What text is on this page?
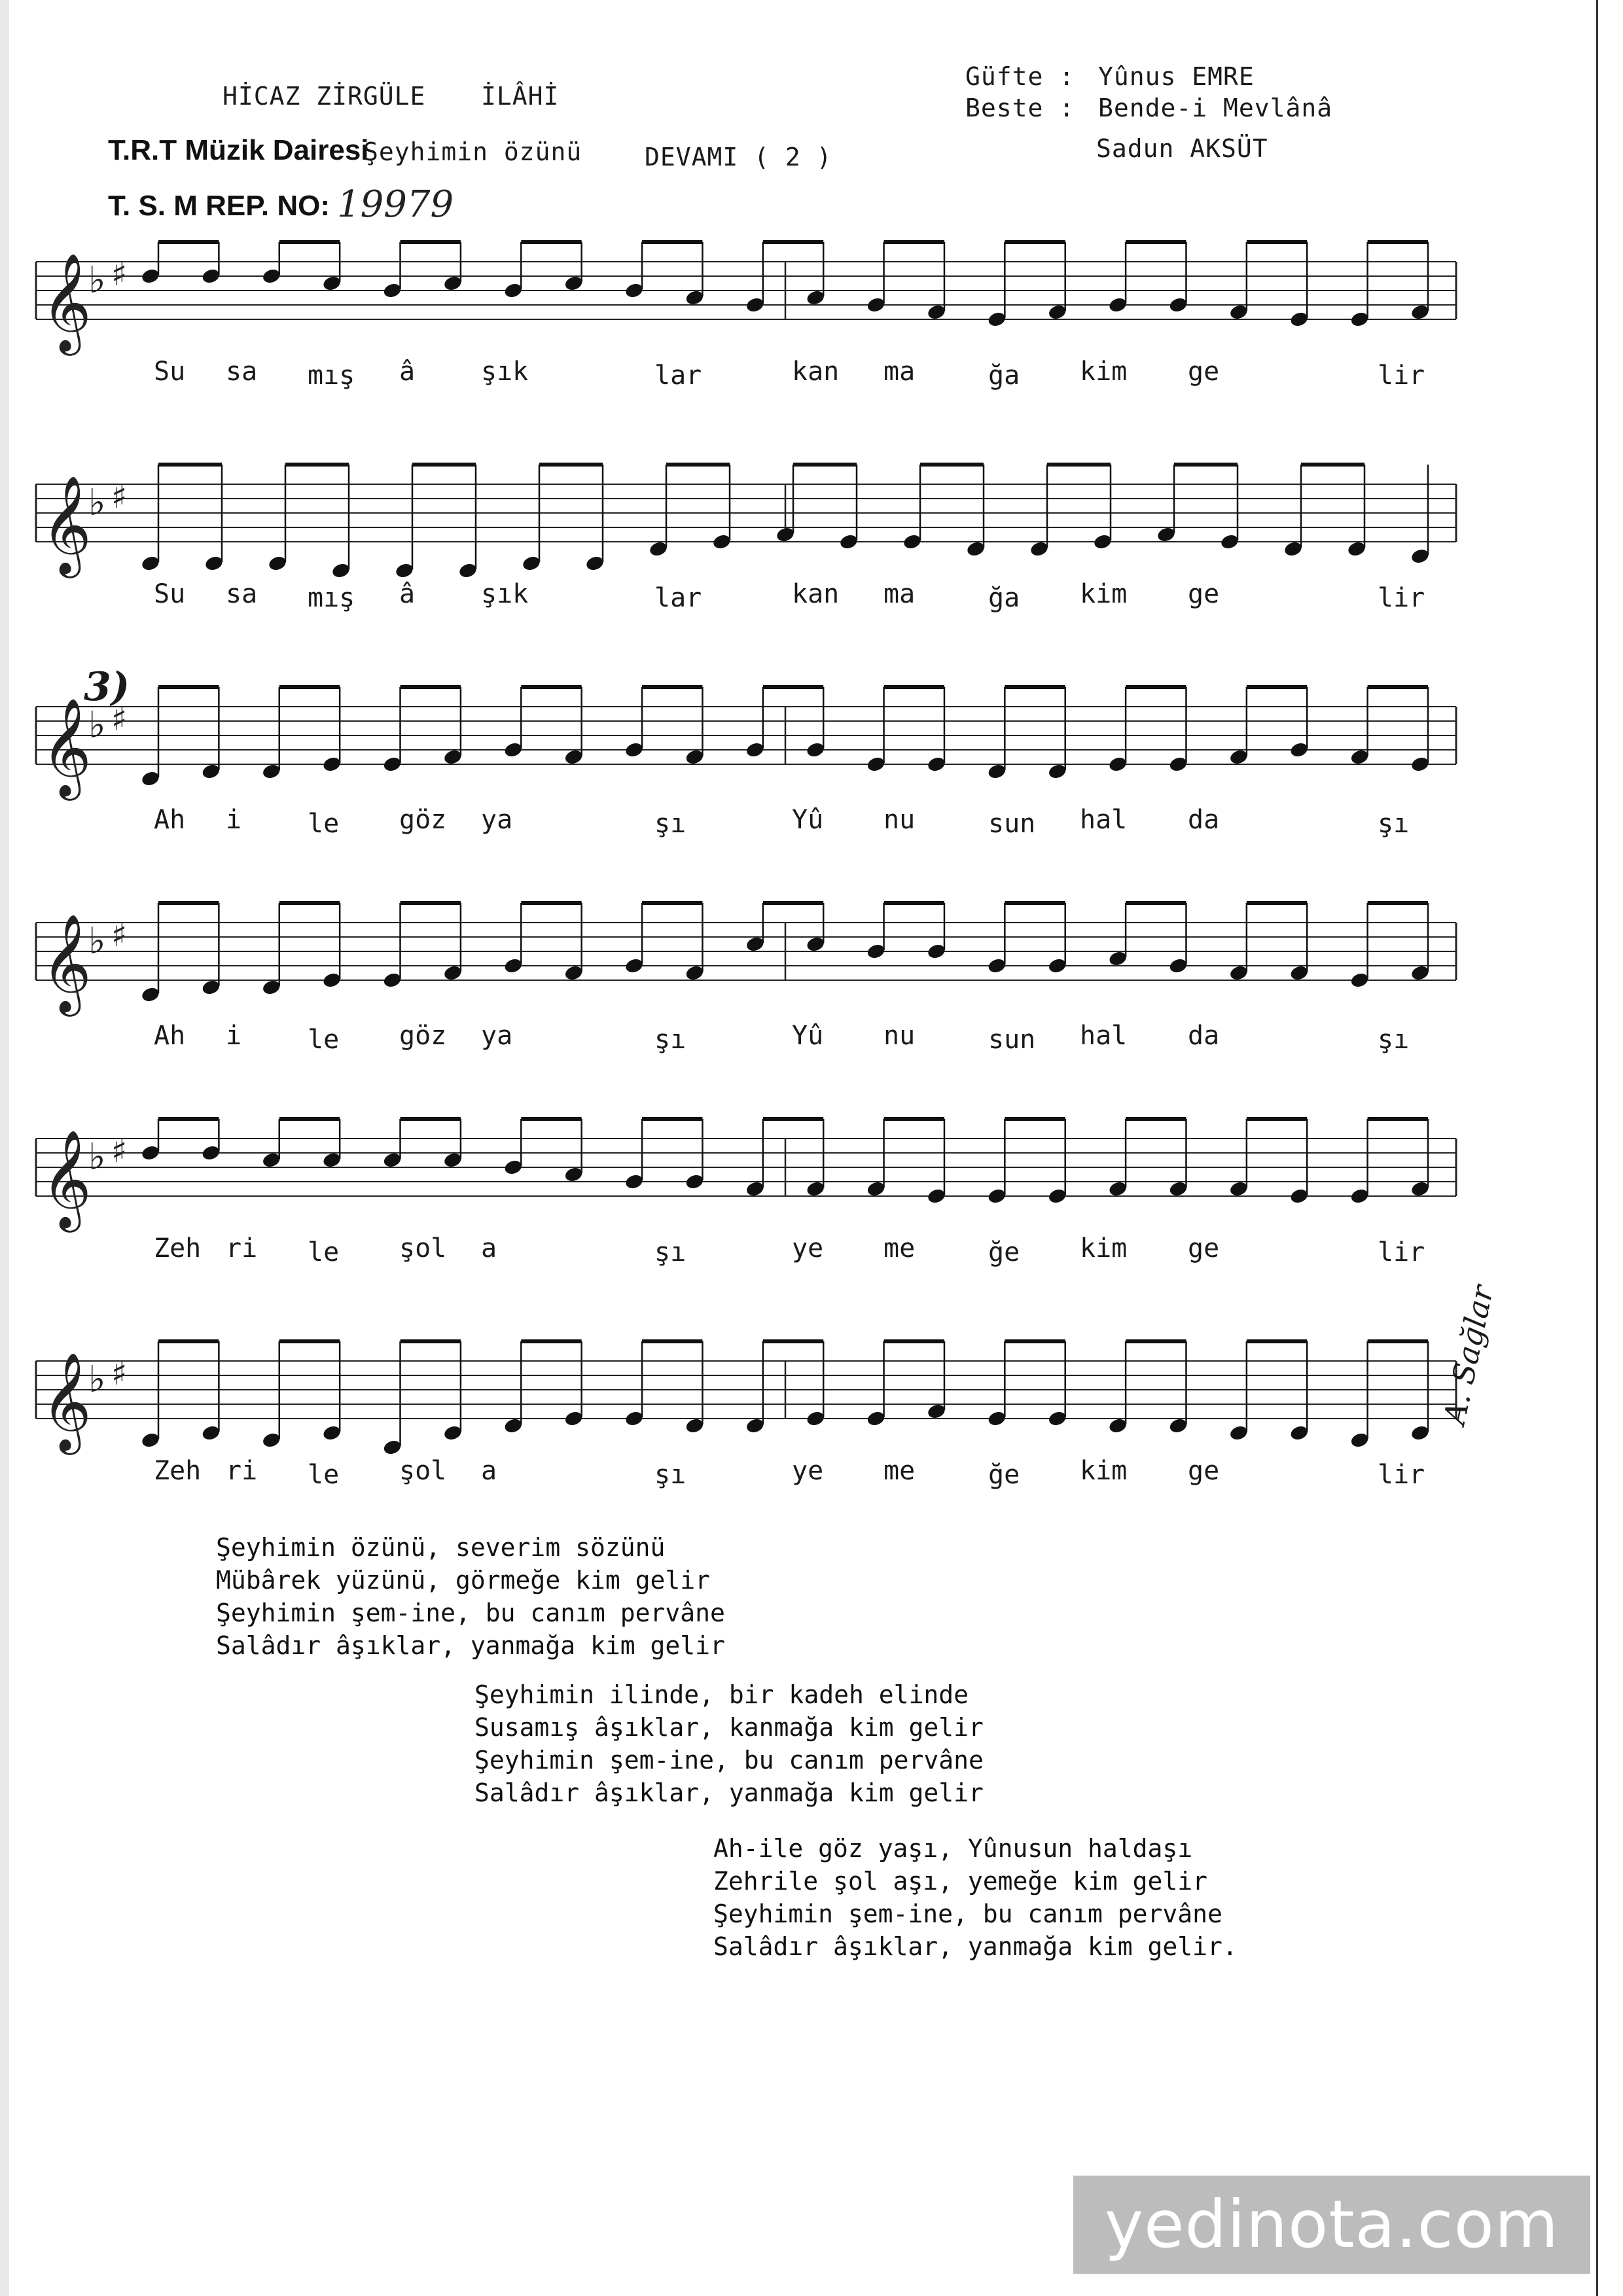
HİCAZ ZİRGÜLE İLÂHİ
Güfte : Yûnus EMRE
Beste : Bende-i Mevlânâ
Sadun AKSÜT
T.R.T Müzik Dairesi
Şeyhimin özünü	DEVAMI ( 2 )
T. S. M REP. NO: 19979
3)
𝄞
♭ ♯
𝄞
♭ ♯
𝄞
♭ ♯
𝄞
♭ ♯
𝄞
♭ ♯
𝄞
♭ ♯
Su sa mış â	şık	lar	kan ma	ğa kim ge	lir
Su sa mış â	şık	lar	kan ma	ğa kim ge	lir
Ah i	le göz ya	şı	Yû nu	sun hal da	şı
Ah i	le göz ya	şı	Yû nu	sun hal da	şı
Zeh ri le şol a	şı	ye me	ğe kim ge	lir
Zeh ri le şol a	şı	ye me	ğe kim ge	lir
A. Sağlar
Şeyhimin özünü, severim sözünü
Mübârek yüzünü, görmeğe kim gelir
Şeyhimin şem-ine, bu canım pervâne
Salâdır âşıklar, yanmağa kim gelir
Şeyhimin ilinde, bir kadeh elinde
Susamış âşıklar, kanmağa kim gelir
Şeyhimin şem-ine, bu canım pervâne
Salâdır âşıklar, yanmağa kim gelir
Ah-ile göz yaşı, Yûnusun haldaşı
Zehrile şol aşı, yemeğe kim gelir
Şeyhimin şem-ine, bu canım pervâne
Salâdır âşıklar, yanmağa kim gelir.
yedinota.com
